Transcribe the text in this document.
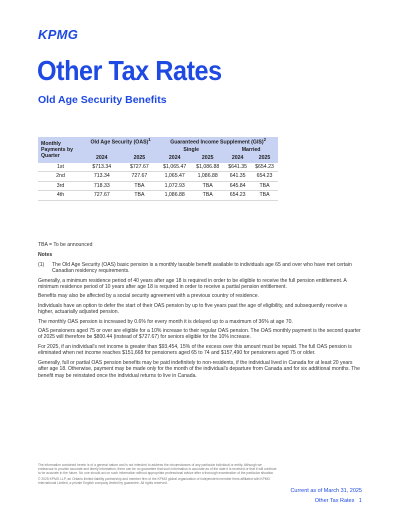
KPMG
Other Tax Rates
Old Age Security Benefits
Monthly Payments by Quarter	Old Age Security (OAS)$^1$		Guaranteed Income Supplement (GIS)$^2$
			Single		Married	
	2024	2025	2024	2025	2024	2025
1st	$713.34	$727.67	$1,065.47	$1,086.88	$641.35	$654.23
2nd	713.34	727.67	1,065.47	1,086.88	641.35	654.23
3rd	718.33	TBA	1,072.93	TBA	645.84	TBA
4th	727.67	TBA	1,086.88	TBA	654.23	TBA

TBA = To be announced

Notes

(1)	The Old Age Security (OAS) basic pension is a monthly taxable benefit available to individuals age 65 and over who have met certain Canadian residency requirements.

Generally, a minimum residence period of 40 years after age 18 is required in order to be eligible to receive the full pension entitlement. A minimum residence period of 10 years after age 18 is required in order to receive a partial pension entitlement.

Benefits may also be affected by a social security agreement with a previous country of residence.

Individuals have an option to defer the start of their OAS pension by up to five years past the age of eligibility, and subsequently receive a higher, actuarially adjusted pension.

The monthly OAS pension is increased by 0.6% for every month it is delayed up to a maximum of 36% at age 70.

OAS pensioners aged 75 or over are eligible for a 10% increase to their regular OAS pension. The OAS monthly payment is the second quarter of 2025 will therefore be $800.44 (instead of $727.67) for seniors eligible for the 10% increase.

For 2025, if an individual's net income is greater than $93,454, 15% of the excess over this amount must be repaid. The full OAS pension is eliminated when net income reaches $151,668 for pensioners aged 65 to 74 and $157,490 for pensioners aged 75 or older.

Generally, full or partial OAS pension benefits may be paid indefinitely to non-residents, if the individual lived in Canada for at least 20 years after age 18. Otherwise, payment may be made only for the month of the individual's departure from Canada and for six additional months. The benefit may be reinstated once the individual returns to live in Canada.

The information contained herein is of a general nature and is not intended to address the circumstances of any particular individual or entity. Although we endeavour to provide accurate and timely information, there can be no guarantee that such information is accurate as of the date it is received or that it will continue to be accurate in the future. No one should act on such information without appropriate professional advice after a thorough examination of the particular situation.
© 2025 KPMG LLP, an Ontario limited liability partnership and member firm of the KPMG global organization of independent member firms affiliated with KPMG International Limited, a private English company limited by guarantee. All rights reserved.
Current as of March 31, 2025
Other Tax Rates   1
